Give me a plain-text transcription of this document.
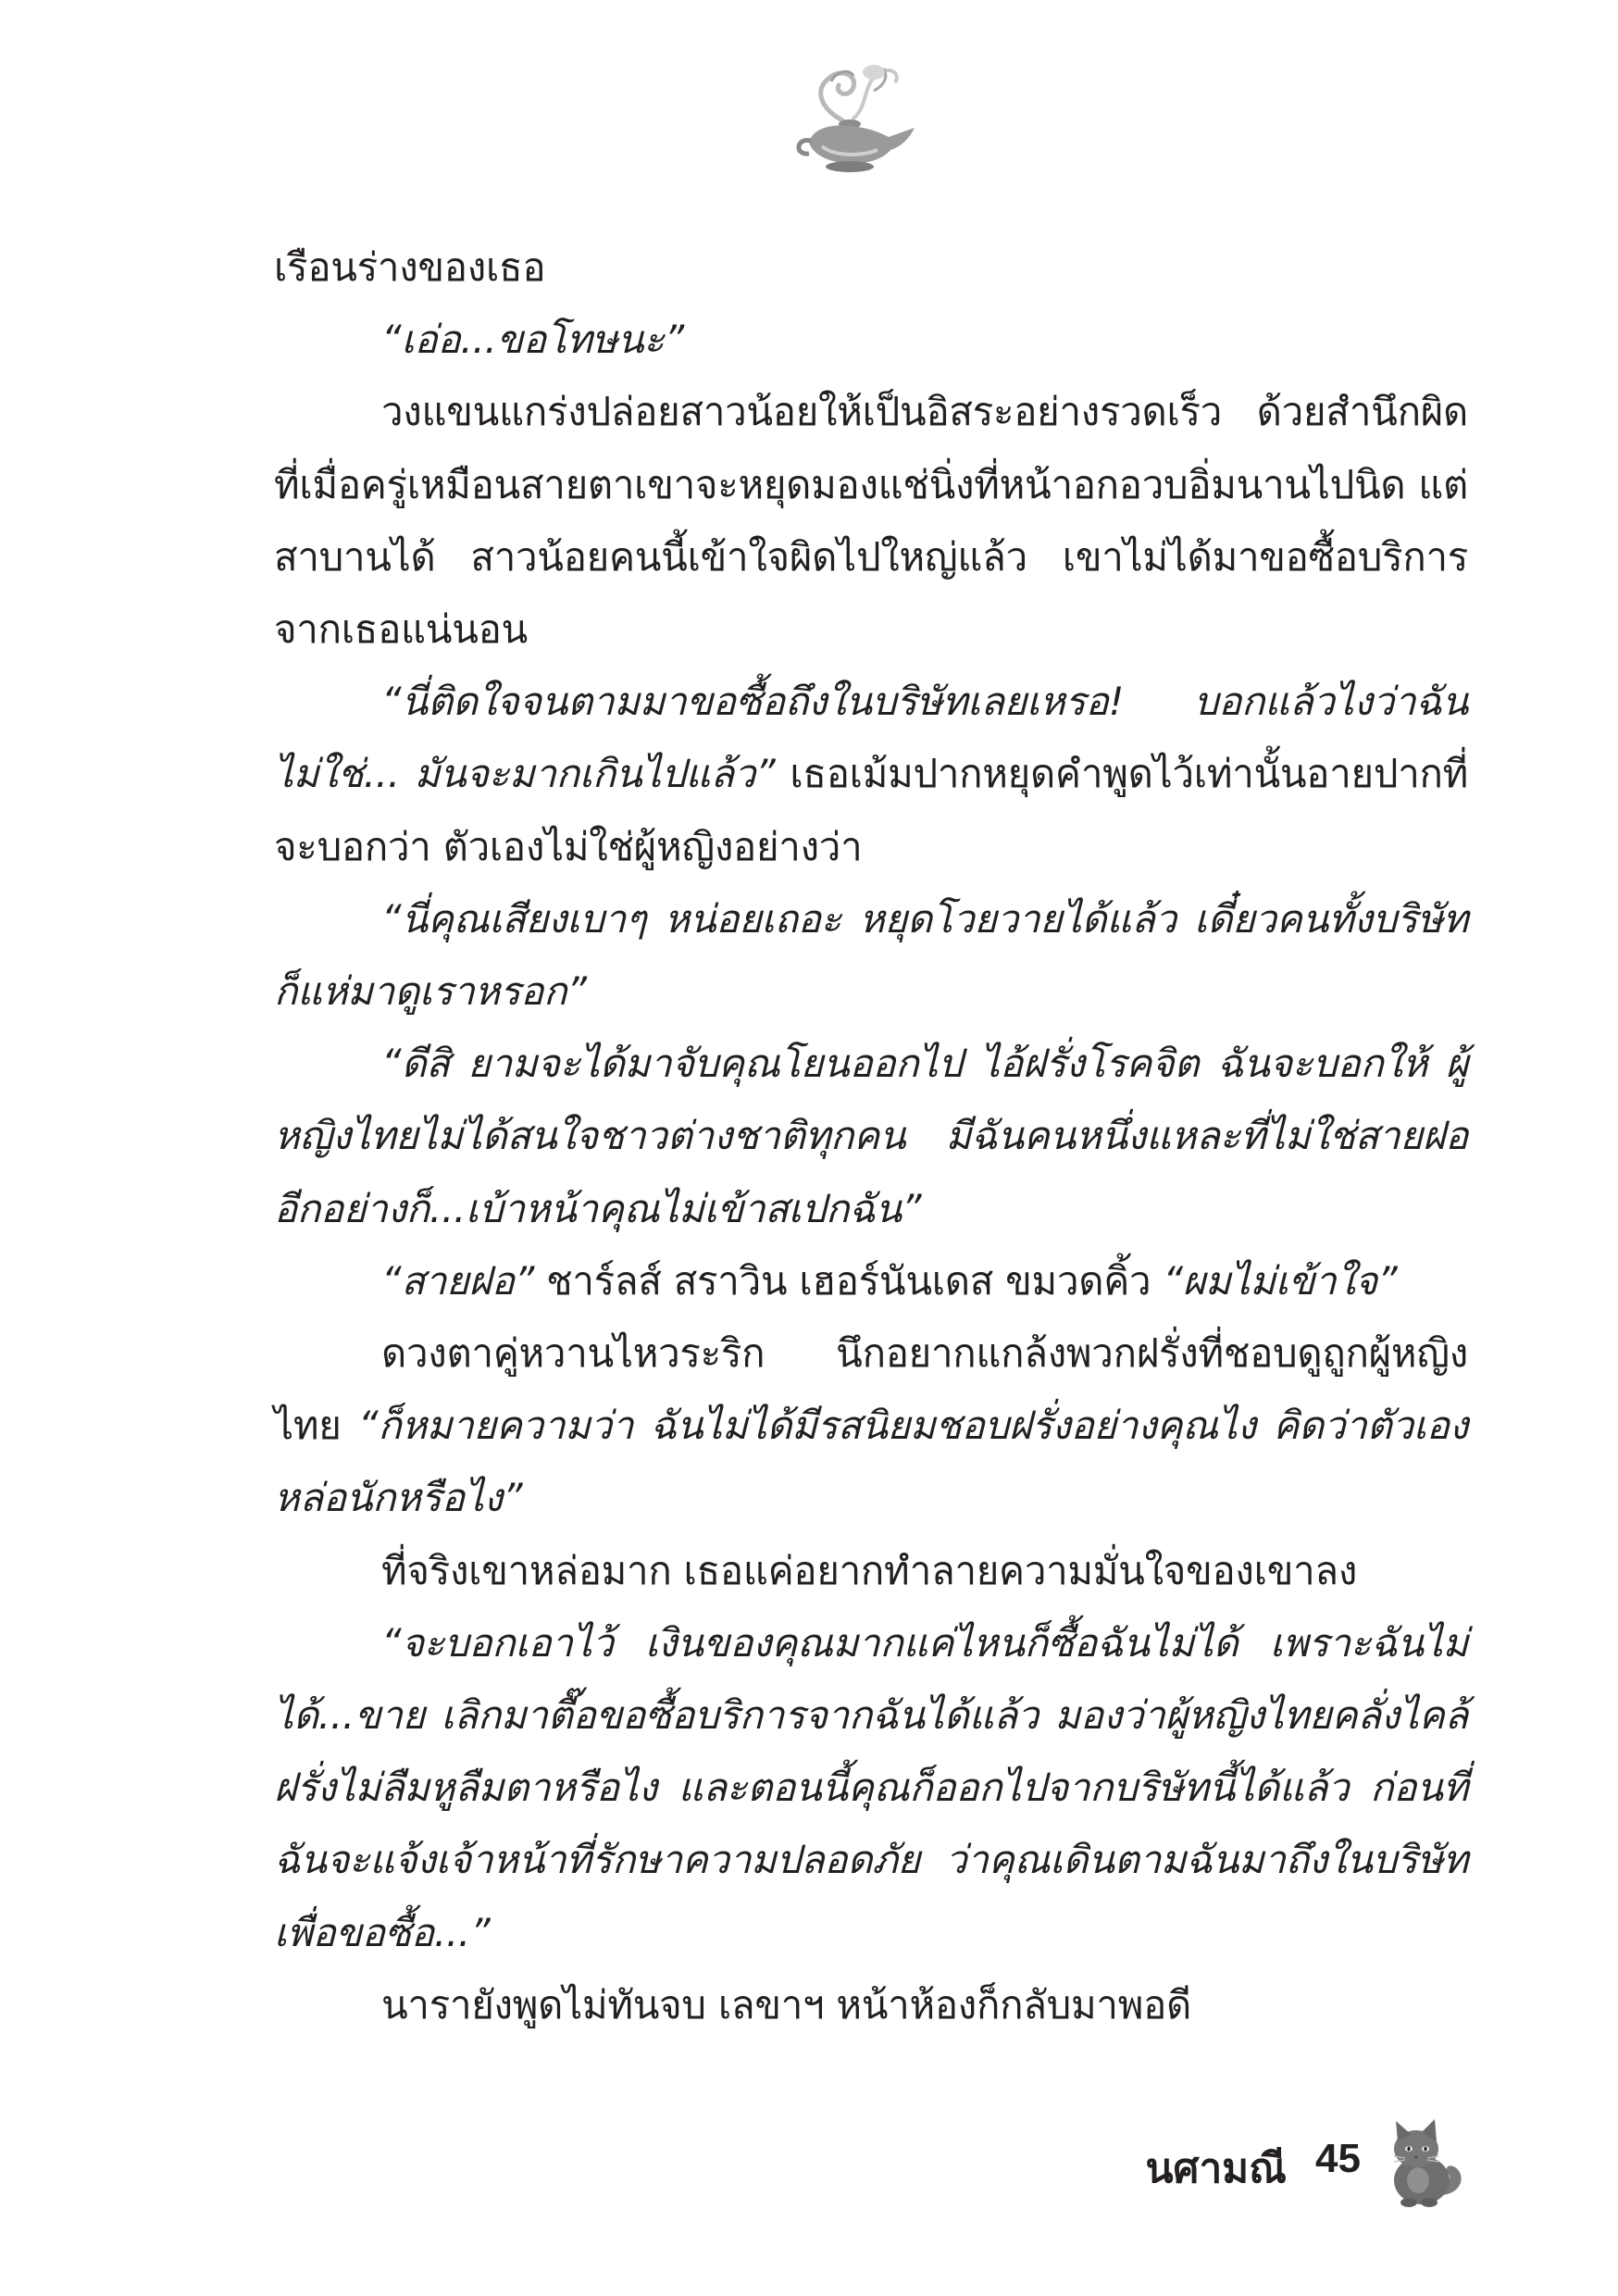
เรือนร่างของเธอ

“เอ่อ...ขอโทษนะ”

วงแขนแกร่งปล่อยสาวน้อยให้เป็นอิสระอย่างรวดเร็ว ด้วยสำนึกผิดที่เมื่อครู่เหมือนสายตาเขาจะหยุดมองแช่นิ่งที่หน้าอกอวบอิ่มนานไปนิด แต่สาบานได้ สาวน้อยคนนี้เข้าใจผิดไปใหญ่แล้ว เขาไม่ได้มาขอซื้อบริการจากเธอแน่นอน

“นี่ติดใจจนตามมาขอซื้อถึงในบริษัทเลยเหรอ! บอกแล้วไงว่าฉันไม่ใช่... มันจะมากเกินไปแล้ว” เธอเม้มปากหยุดคำพูดไว้เท่านั้นอายปากที่จะบอกว่า ตัวเองไม่ใช่ผู้หญิงอย่างว่า

“นี่คุณเสียงเบาๆ หน่อยเถอะ หยุดโวยวายได้แล้ว เดี๋ยวคนทั้งบริษัทก็แห่มาดูเราหรอก”

“ดีสิ ยามจะได้มาจับคุณโยนออกไป ไอ้ฝรั่งโรคจิต ฉันจะบอกให้ ผู้หญิงไทยไม่ได้สนใจชาวต่างชาติทุกคน มีฉันคนหนึ่งแหละที่ไม่ใช่สายฝอ อีกอย่างก็...เบ้าหน้าคุณไม่เข้าสเปกฉัน”

“สายฝอ” ชาร์ลส์ สราวิน เฮอร์นันเดส ขมวดคิ้ว “ผมไม่เข้าใจ”

ดวงตาคู่หวานไหวระริก นึกอยากแกล้งพวกฝรั่งที่ชอบดูถูกผู้หญิงไทย “ก็หมายความว่า ฉันไม่ได้มีรสนิยมชอบฝรั่งอย่างคุณไง คิดว่าตัวเองหล่อนักหรือไง”

ที่จริงเขาหล่อมาก เธอแค่อยากทำลายความมั่นใจของเขาลง

“จะบอกเอาไว้ เงินของคุณมากแค่ไหนก็ซื้อฉันไม่ได้ เพราะฉันไม่ได้...ขาย เลิกมาตื๊อขอซื้อบริการจากฉันได้แล้ว มองว่าผู้หญิงไทยคลั่งไคล้ฝรั่งไม่ลืมหูลืมตาหรือไง และตอนนี้คุณก็ออกไปจากบริษัทนี้ได้แล้ว ก่อนที่ฉันจะแจ้งเจ้าหน้าที่รักษาความปลอดภัย ว่าคุณเดินตามฉันมาถึงในบริษัทเพื่อขอซื้อ...”

นารายังพูดไม่ทันจบ เลขาฯ หน้าห้องก็กลับมาพอดี

นศามณี 45
